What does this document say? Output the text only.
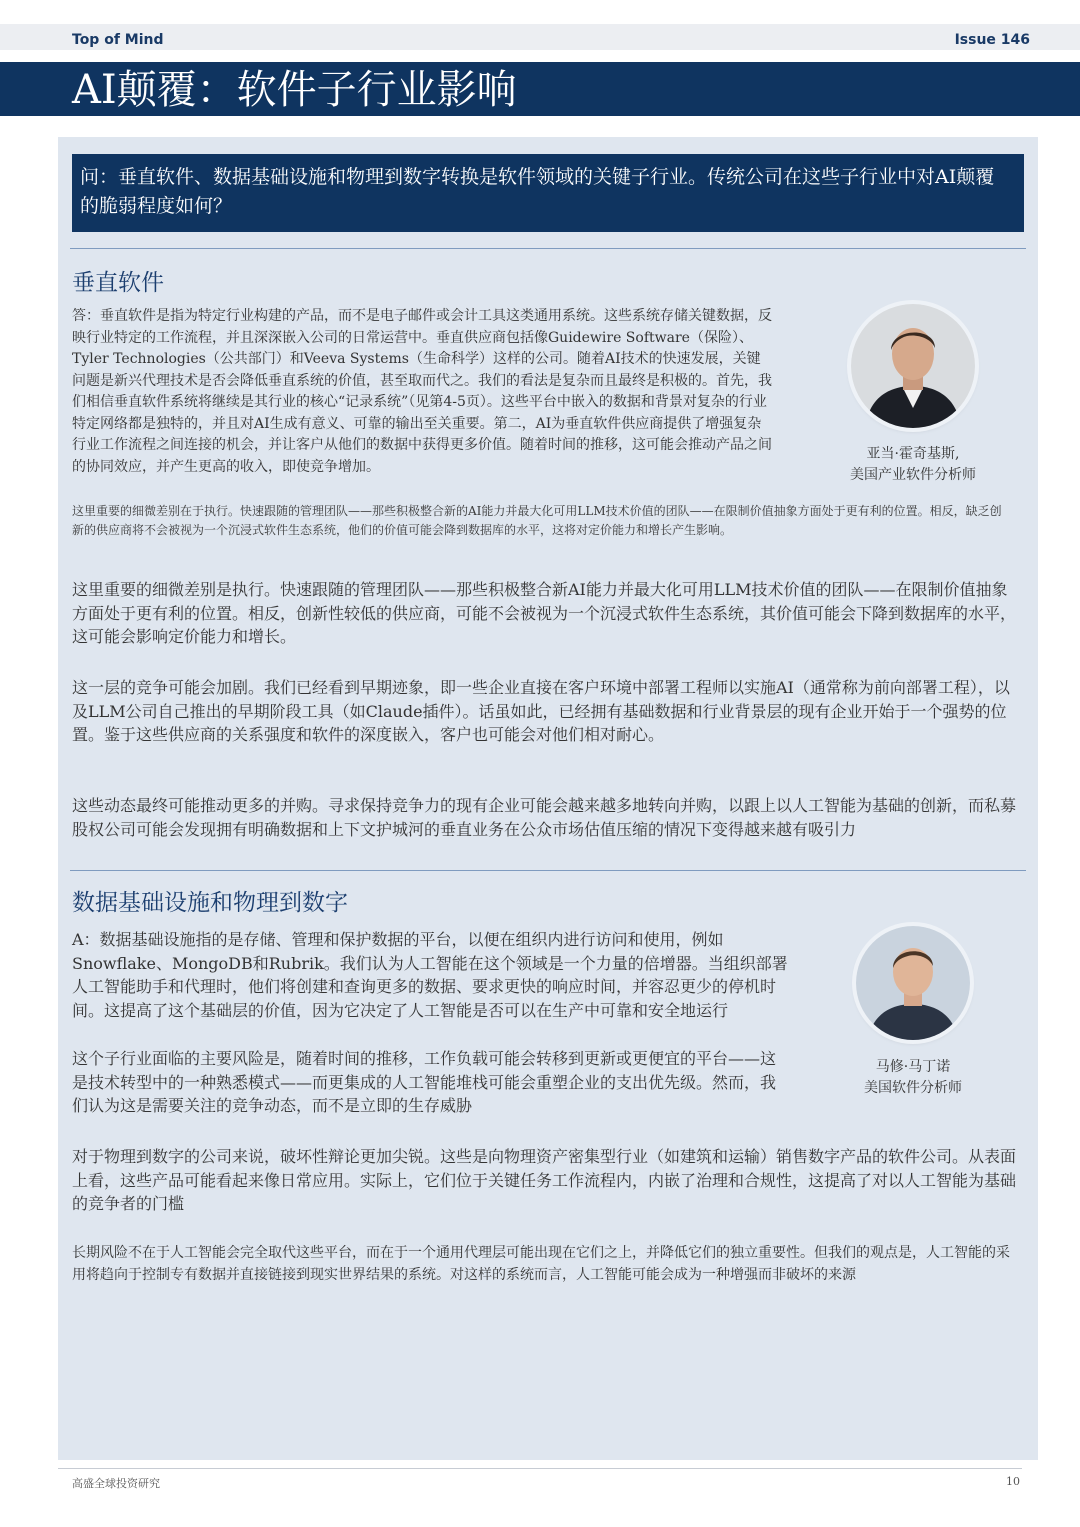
Top of Mind	Issue 146
AI颠覆：软件子行业影响
问：垂直软件、数据基础设施和物理到数字转换是软件领域的关键子行业。传统公司在这些子行业中对AI颠覆的脆弱程度如何？
垂直软件
答：垂直软件是指为特定行业构建的产品，而不是电子邮件或会计工具这类通用系统。这些系统存储关键数据，反映行业特定的工作流程，并且深深嵌入公司的日常运营中。垂直供应商包括像Guidewire Software（保险）、Tyler Technologies（公共部门）和Veeva Systems（生命科学）这样的公司。随着AI技术的快速发展，关键问题是新兴代理技术是否会降低垂直系统的价值，甚至取而代之。我们的看法是复杂而且最终是积极的。首先，我们相信垂直软件系统将继续是其行业的核心“记录系统”（见第4-5页）。这些平台中嵌入的数据和背景对复杂的行业特定网络都是独特的，并且对AI生成有意义、可靠的输出至关重要。第二，AI为垂直软件供应商提供了增强复杂行业工作流程之间连接的机会，并让客户从他们的数据中获得更多价值。随着时间的推移，这可能会推动产品之间的协同效应，并产生更高的收入，即使竞争增加。
亚当·霍奇基斯,
美国产业软件分析师
这里重要的细微差别在于执行。快速跟随的管理团队——那些积极整合新的AI能力并最大化可用LLM技术价值的团队——在限制价值抽象方面处于更有利的位置。相反，缺乏创新的供应商将不会被视为一个沉浸式软件生态系统，他们的价值可能会降到数据库的水平，这将对定价能力和增长产生影响。
这里重要的细微差别是执行。快速跟随的管理团队——那些积极整合新AI能力并最大化可用LLM技术价值的团队——在限制价值抽象方面处于更有利的位置。相反，创新性较低的供应商，可能不会被视为一个沉浸式软件生态系统，其价值可能会下降到数据库的水平，这可能会影响定价能力和增长。
这一层的竞争可能会加剧。我们已经看到早期迹象，即一些企业直接在客户环境中部署工程师以实施AI（通常称为前向部署工程），以及LLM公司自己推出的早期阶段工具（如Claude插件）。话虽如此，已经拥有基础数据和行业背景层的现有企业开始于一个强势的位置。鉴于这些供应商的关系强度和软件的深度嵌入，客户也可能会对他们相对耐心。
这些动态最终可能推动更多的并购。寻求保持竞争力的现有企业可能会越来越多地转向并购，以跟上以人工智能为基础的创新，而私募股权公司可能会发现拥有明确数据和上下文护城河的垂直业务在公众市场估值压缩的情况下变得越来越有吸引力
数据基础设施和物理到数字
A：数据基础设施指的是存储、管理和保护数据的平台，以便在组织内进行访问和使用，例如Snowflake、MongoDB和Rubrik。我们认为人工智能在这个领域是一个力量的倍增器。当组织部署人工智能助手和代理时，他们将创建和查询更多的数据、要求更快的响应时间，并容忍更少的停机时间。这提高了这个基础层的价值，因为它决定了人工智能是否可以在生产中可靠和安全地运行
马修·马丁诺
美国软件分析师
这个子行业面临的主要风险是，随着时间的推移，工作负载可能会转移到更新或更便宜的平台——这是技术转型中的一种熟悉模式——而更集成的人工智能堆栈可能会重塑企业的支出优先级。然而，我们认为这是需要关注的竞争动态，而不是立即的生存威胁
对于物理到数字的公司来说，破坏性辩论更加尖锐。这些是向物理资产密集型行业（如建筑和运输）销售数字产品的软件公司。从表面上看，这些产品可能看起来像日常应用。实际上，它们位于关键任务工作流程内，内嵌了治理和合规性，这提高了对以人工智能为基础的竞争者的门槛
长期风险不在于人工智能会完全取代这些平台，而在于一个通用代理层可能出现在它们之上，并降低它们的独立重要性。但我们的观点是，人工智能的采用将趋向于控制专有数据并直接链接到现实世界结果的系统。对这样的系统而言，人工智能可能会成为一种增强而非破坏的来源
高盛全球投资研究	10
